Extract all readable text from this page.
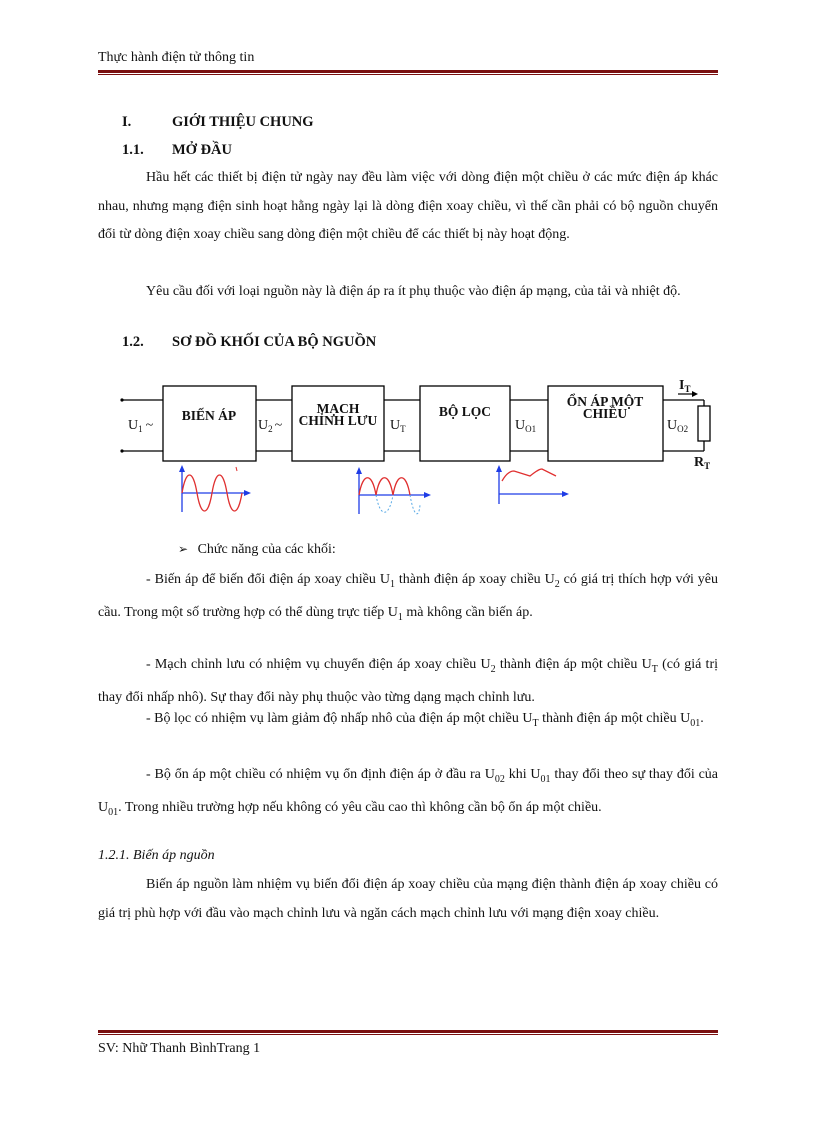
Thực hành điện tử thông tin
I.	GIỚI THIỆU CHUNG
1.1. MỞ ĐẦU

Hầu hết các thiết bị điện tử ngày nay đều làm việc với dòng điện một chiều ở các mức điện áp khác nhau, nhưng mạng điện sinh hoạt hằng ngày lại là dòng điện xoay chiều, vì thế cần phải có bộ nguồn chuyển đổi từ dòng điện xoay chiều sang dòng điện một chiều để các thiết bị này hoạt động.

Yêu cầu đối với loại nguồn này là điện áp ra ít phụ thuộc vào điện áp mạng, của tải và nhiệt độ.

1.2. SƠ ĐỒ KHỐI CỦA BỘ NGUỒN
BIẾN ÁP	MẠCH
CHỈNH LƯU
BỘ LỌC
ỔN ÁP MỘT
CHIỀU
$U_1$ ~	$U_2$ ~	$U_T$	$U_{O1}$	$U_{O2}$
$I_T$
$R_T$
➢ Chức năng của các khối:

- Biến áp để biến đổi điện áp xoay chiều $U_1$ thành điện áp xoay chiều $U_2$ có giá trị thích hợp với yêu cầu. Trong một số trường hợp có thể dùng trực tiếp $U_1$ mà không cần biến áp.

- Mạch chỉnh lưu có nhiệm vụ chuyển điện áp xoay chiều $U_2$ thành điện áp một chiều $U_T$ (có giá trị thay đổi nhấp nhô). Sự thay đổi này phụ thuộc vào từng dạng mạch chỉnh lưu.

- Bộ lọc có nhiệm vụ làm giảm độ nhấp nhô của điện áp một chiều $U_T$ thành điện áp một chiều $U_{01}$.

- Bộ ổn áp một chiều có nhiệm vụ ổn định điện áp ở đầu ra $U_{02}$ khi $U_{01}$ thay đổi theo sự thay đổi của $U_{01}$. Trong nhiều trường hợp nếu không có yêu cầu cao thì không cần bộ ổn áp một chiều.

1.2.1. Biến áp nguồn

Biến áp nguồn làm nhiệm vụ biến đổi điện áp xoay chiều của mạng điện thành điện áp xoay chiều có giá trị phù hợp với đầu vào mạch chỉnh lưu và ngăn cách mạch chỉnh lưu với mạng điện xoay chiều.

SV: Nhữ Thanh BìnhTrang 1
